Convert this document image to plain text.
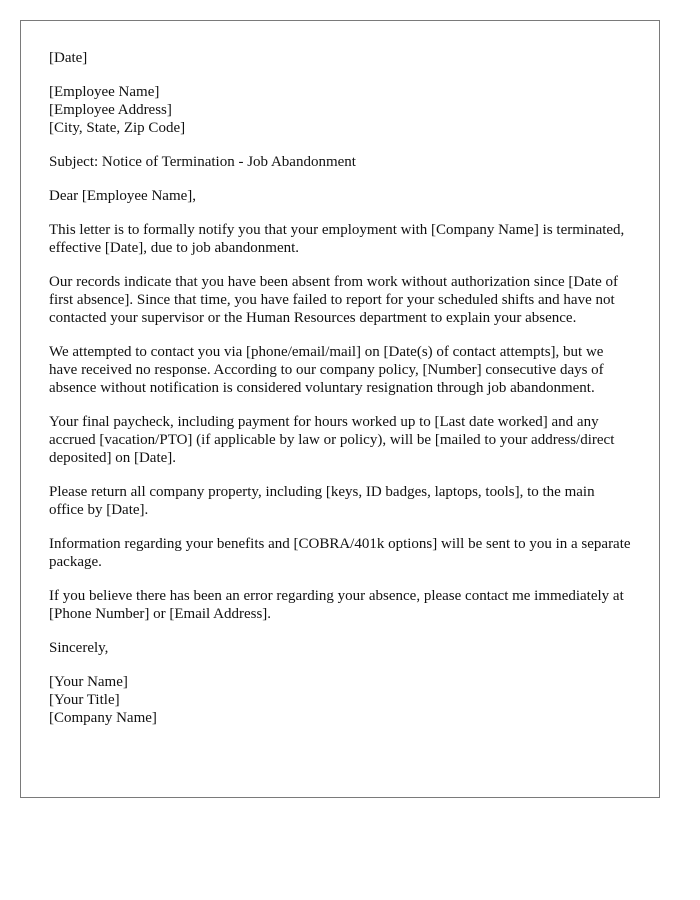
[Date]

[Employee Name]
[Employee Address]
[City, State, Zip Code]

Subject: Notice of Termination - Job Abandonment

Dear [Employee Name],

This letter is to formally notify you that your employment with [Company Name] is terminated, effective [Date], due to job abandonment.

Our records indicate that you have been absent from work without authorization since [Date of first absence]. Since that time, you have failed to report for your scheduled shifts and have not contacted your supervisor or the Human Resources department to explain your absence.

We attempted to contact you via [phone/email/mail] on [Date(s) of contact attempts], but we have received no response. According to our company policy, [Number] consecutive days of absence without notification is considered voluntary resignation through job abandonment.

Your final paycheck, including payment for hours worked up to [Last date worked] and any accrued [vacation/PTO] (if applicable by law or policy), will be [mailed to your address/direct deposited] on [Date].

Please return all company property, including [keys, ID badges, laptops, tools], to the main office by [Date].

Information regarding your benefits and [COBRA/401k options] will be sent to you in a separate package.

If you believe there has been an error regarding your absence, please contact me immediately at [Phone Number] or [Email Address].

Sincerely,

[Your Name]
[Your Title]
[Company Name]
